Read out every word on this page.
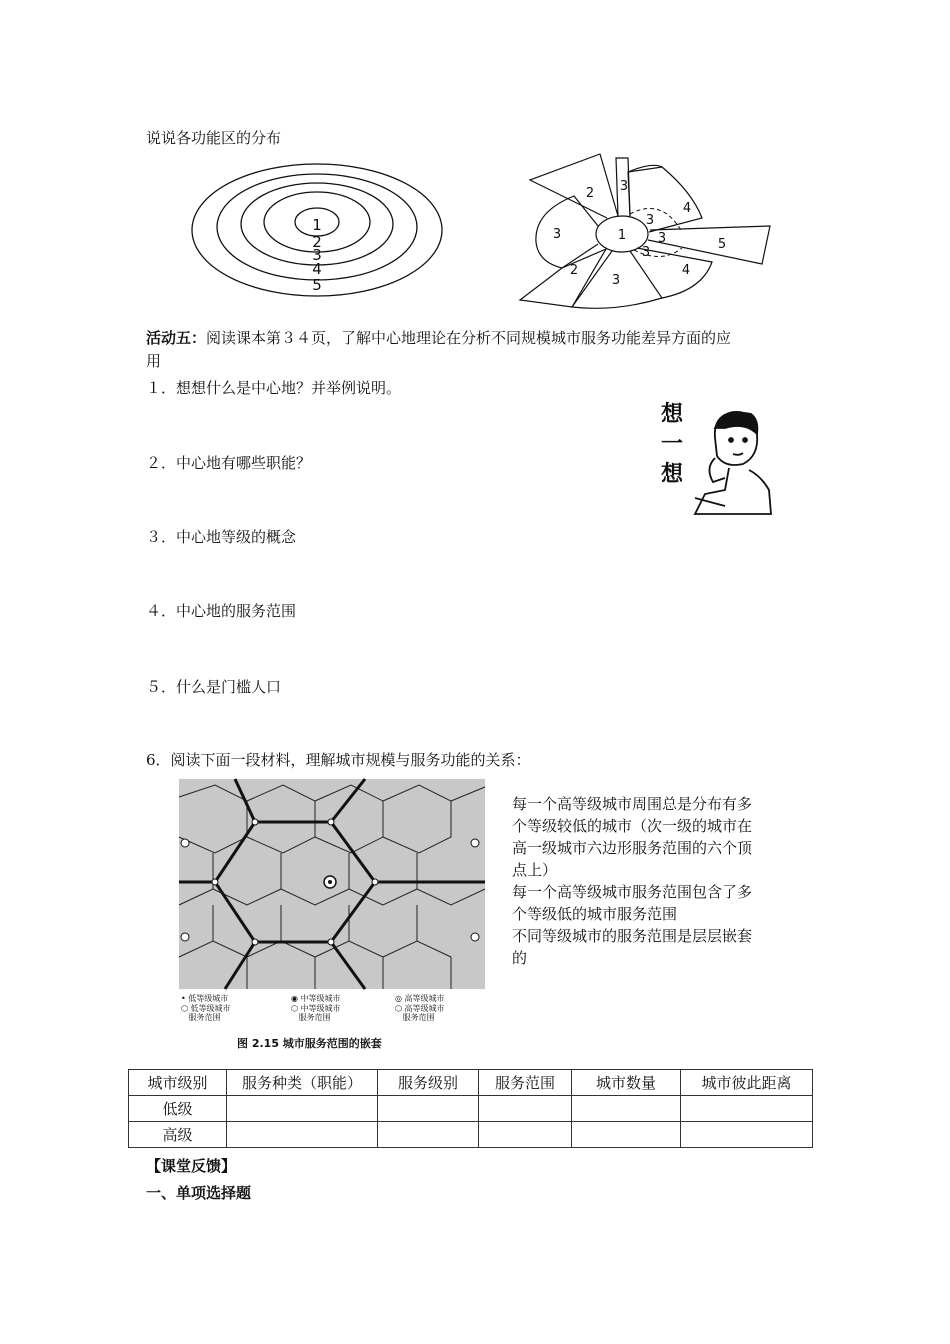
说说各功能区的分布
1
2
3
4
5
1
3
2
4
3
3
3	5
3
4
2
3
活动五：阅读课本第３４页，了解中心地理论在分析不同规模城市服务功能差异方面的应
用
１．想想什么是中心地？并举例说明。
２．中心地有哪些职能？
３．中心地等级的概念
４．中心地的服务范围
５．什么是门槛人口
6．阅读下面一段材料，理解城市规模与服务功能的关系：
想
一
想
• 低等级城市	◉ 中等级城市	◎ 高等级城市
⬡ 低等级城市
服务范围
⬡ 中等级城市
服务范围
⬡ 高等级城市
服务范围
图 2.15 城市服务范围的嵌套
每一个高等级城市周围总是分布有多
个等级较低的城市（次一级的城市在
高一级城市六边形服务范围的六个顶
点上）
每一个高等级城市服务范围包含了多
个等级低的城市服务范围
不同等级城市的服务范围是层层嵌套
的
城市级别	服务种类（职能）	服务级别	服务范围	城市数量	城市彼此距离
低级					
高级					
【课堂反馈】
一、单项选择题
